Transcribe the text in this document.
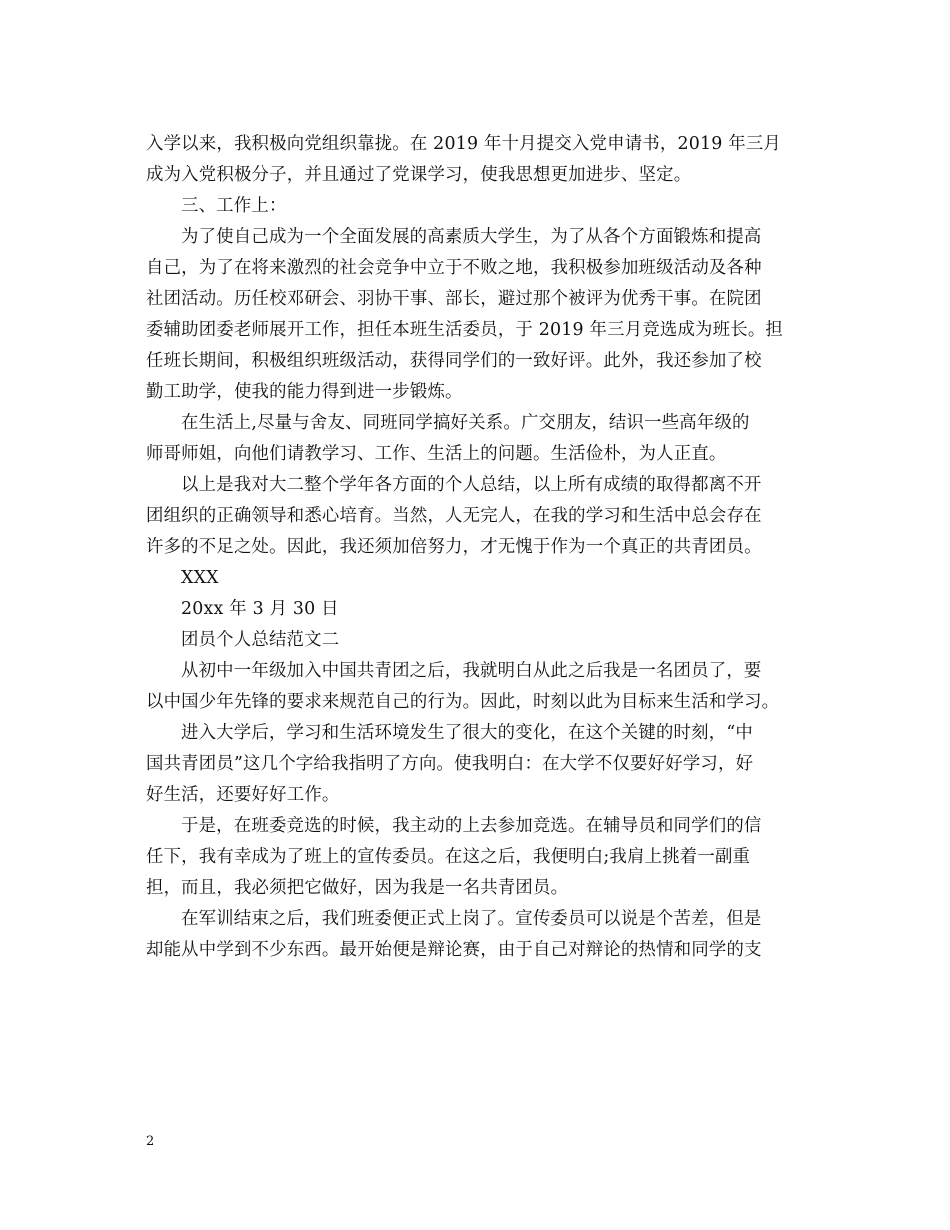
入学以来，我积极向党组织靠拢。在 2019 年十月提交入党申请书，2019 年三月
成为入党积极分子，并且通过了党课学习，使我思想更加进步、坚定。
三、工作上：
为了使自己成为一个全面发展的高素质大学生，为了从各个方面锻炼和提高
自己，为了在将来激烈的社会竞争中立于不败之地，我积极参加班级活动及各种
社团活动。历任校邓研会、羽协干事、部长，避过那个被评为优秀干事。在院团
委辅助团委老师展开工作，担任本班生活委员，于 2019 年三月竞选成为班长。担
任班长期间，积极组织班级活动，获得同学们的一致好评。此外，我还参加了校
勤工助学，使我的能力得到进一步锻炼。
在生活上,尽量与舍友、同班同学搞好关系。广交朋友，结识一些高年级的
师哥师姐，向他们请教学习、工作、生活上的问题。生活俭朴，为人正直。
以上是我对大二整个学年各方面的个人总结，以上所有成绩的取得都离不开
团组织的正确领导和悉心培育。当然，人无完人，在我的学习和生活中总会存在
许多的不足之处。因此，我还须加倍努力，才无愧于作为一个真正的共青团员。
XXX
20xx 年 3 月 30 日
团员个人总结范文二
从初中一年级加入中国共青团之后，我就明白从此之后我是一名团员了，要
以中国少年先锋的要求来规范自己的行为。因此，时刻以此为目标来生活和学习。
进入大学后，学习和生活环境发生了很大的变化，在这个关键的时刻，“中
国共青团员”这几个字给我指明了方向。使我明白：在大学不仅要好好学习，好
好生活，还要好好工作。
于是，在班委竞选的时候，我主动的上去参加竞选。在辅导员和同学们的信
任下，我有幸成为了班上的宣传委员。在这之后，我便明白;我肩上挑着一副重
担，而且，我必须把它做好，因为我是一名共青团员。
在军训结束之后，我们班委便正式上岗了。宣传委员可以说是个苦差，但是
却能从中学到不少东西。最开始便是辩论赛，由于自己对辩论的热情和同学的支
2
